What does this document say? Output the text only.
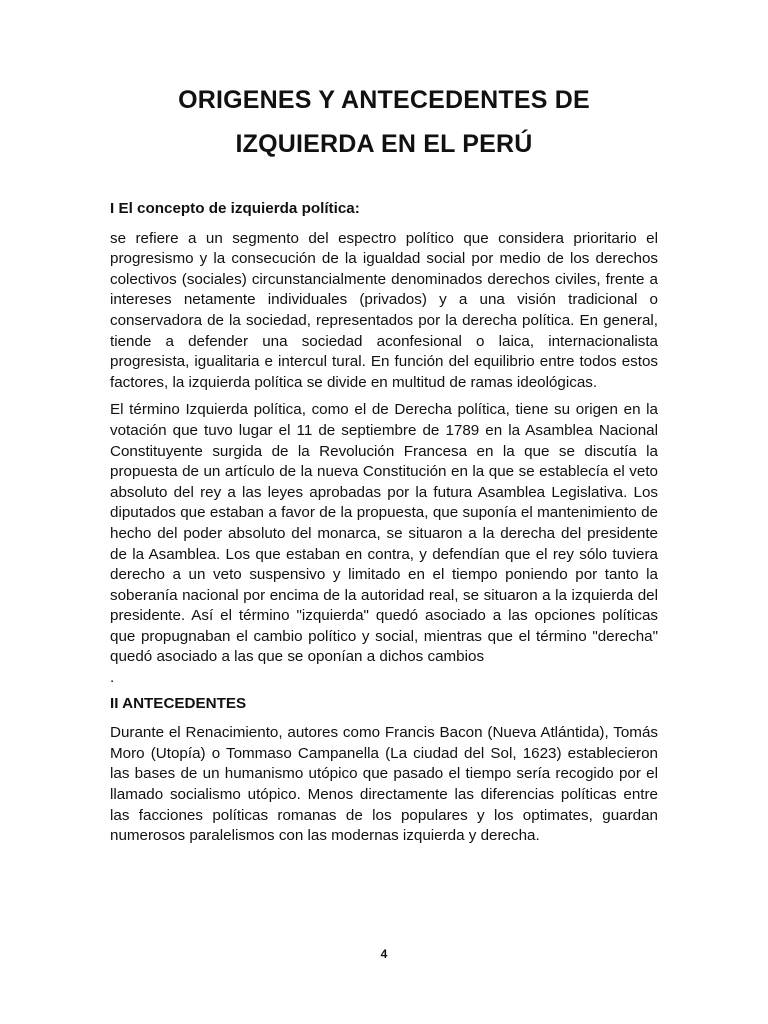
ORIGENES Y ANTECEDENTES DE
IZQUIERDA EN EL PERÚ
I El concepto de izquierda política:

se refiere a un segmento del espectro político que considera prioritario el progresismo y la consecución de la igualdad social por medio de los derechos colectivos (sociales) circunstancialmente denominados derechos civiles, frente a intereses netamente individuales (privados) y a una visión tradicional o conservadora de la sociedad, representados por la derecha política. En general, tiende a defender una sociedad aconfesional o laica, internacionalista progresista, igualitaria e intercul tural. En función del equilibrio entre todos estos factores, la izquierda política se divide en multitud de ramas ideológicas.

El término Izquierda política, como el de Derecha política, tiene su origen en la votación que tuvo lugar el 11 de septiembre de 1789 en la Asamblea Nacional Constituyente surgida de la Revolución Francesa en la que se discutía la propuesta de un artículo de la nueva Constitución en la que se establecía el veto absoluto del rey a las leyes aprobadas por la futura Asamblea Legislativa. Los diputados que estaban a favor de la propuesta, que suponía el mantenimiento de hecho del poder absoluto del monarca, se situaron a la derecha del presidente de la Asamblea. Los que estaban en contra, y defendían que el rey sólo tuviera derecho a un veto suspensivo y limitado en el tiempo poniendo por tanto la soberanía nacional por encima de la autoridad real, se situaron a la izquierda del presidente. Así el término "izquierda" quedó asociado a las opciones políticas que propugnaban el cambio político y social, mientras que el término "derecha" quedó asociado a las que se oponían a dichos cambios

.

II ANTECEDENTES

Durante el Renacimiento, autores como Francis Bacon (Nueva Atlántida), Tomás Moro (Utopía) o Tommaso Campanella (La ciudad del Sol, 1623) establecieron las bases de un humanismo utópico que pasado el tiempo sería recogido por el llamado socialismo utópico. Menos directamente las diferencias políticas entre las facciones políticas romanas de los populares y los optimates, guardan numerosos paralelismos con las modernas izquierda y derecha.

4
